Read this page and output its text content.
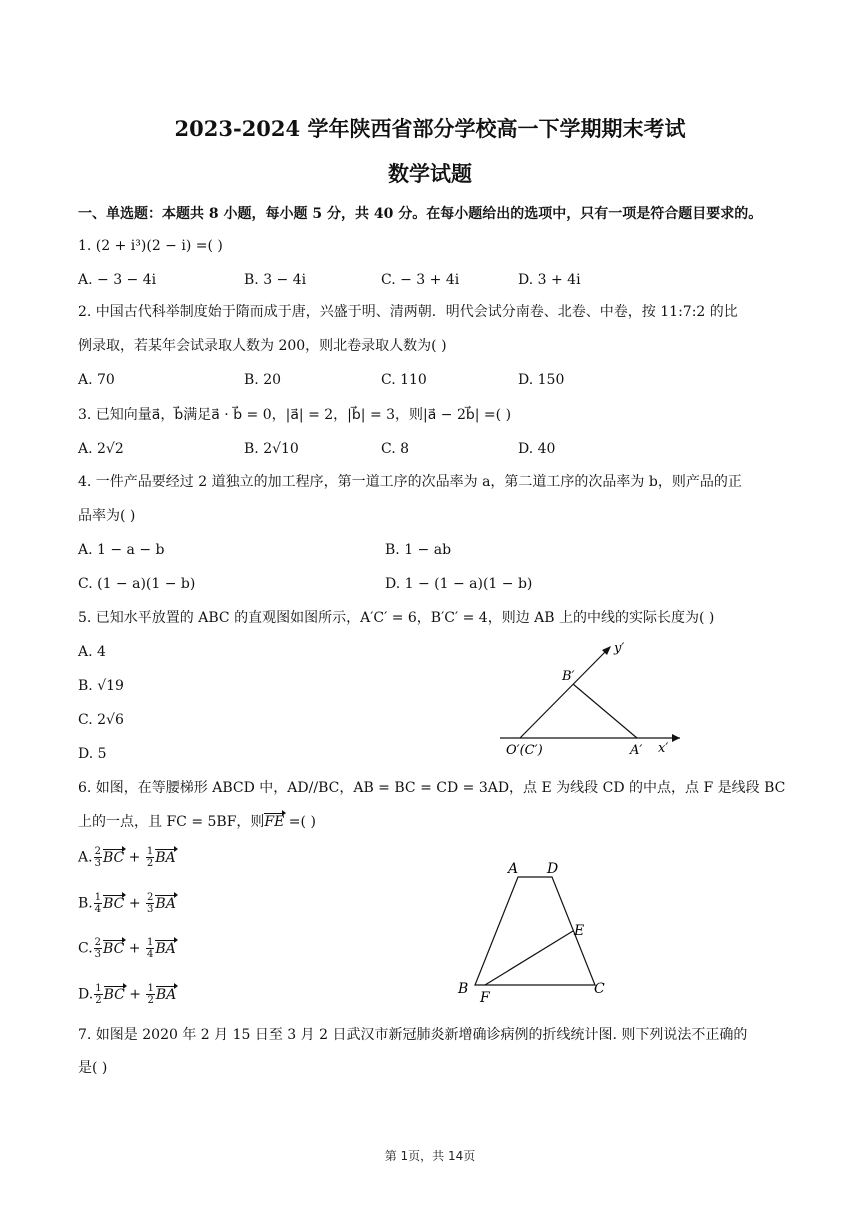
2023-2024 学年陕西省部分学校高一下学期期末考试
数学试题
一、单选题：本题共 8 小题，每小题 5 分，共 40 分。在每小题给出的选项中，只有一项是符合题目要求的。
1. (2 + i³)(2 − i) =( )
A. − 3 − 4i	B. 3 − 4i	C. − 3 + 4i	D. 3 + 4i
2. 中国古代科举制度始于隋而成于唐，兴盛于明、清两朝．明代会试分南卷、北卷、中卷，按 11:7:2 的比
例录取，若某年会试录取人数为 200，则北卷录取人数为( )
A. 70	B. 20	C. 110	D. 150
3. 已知向量a⃗，b⃗满足a⃗ · b⃗ = 0，|a⃗| = 2，|b⃗| = 3，则|a⃗ − 2b⃗| =( )
A. 2√2	B. 2√10	C. 8	D. 40
4. 一件产品要经过 2 道独立的加工程序，第一道工序的次品率为 a，第二道工序的次品率为 b，则产品的正
品率为( )
A. 1 − a − b	B. 1 − ab
C. (1 − a)(1 − b)	D. 1 − (1 − a)(1 − b)
5. 已知水平放置的 ABC 的直观图如图所示，A′C′ = 6，B′C′ = 4，则边 AB 上的中线的实际长度为( )
A. 4
B. √19
C. 2√6
D. 5
B′
y′
O′(C′)	A′ x′
6. 如图，在等腰梯形 ABCD 中，AD//BC，AB = BC = CD = 3AD，点 E 为线段 CD 的中点，点 F 是线段 BC
上的一点，且 FC = 5BF，则FE =( )
A. $\frac{2}{3}$ BC + $\frac{1}{2}$ BA
B. $\frac{1}{4}$ BC + $\frac{2}{3}$ BA
C. $\frac{2}{3}$ BC + $\frac{1}{4}$ BA
D. $\frac{1}{2}$ BC + $\frac{1}{2}$ BA
A D
E
B
F
C
7. 如图是 2020 年 2 月 15 日至 3 月 2 日武汉市新冠肺炎新增确诊病例的折线统计图. 则下列说法不正确的
是( )
第 1页，共 14页
